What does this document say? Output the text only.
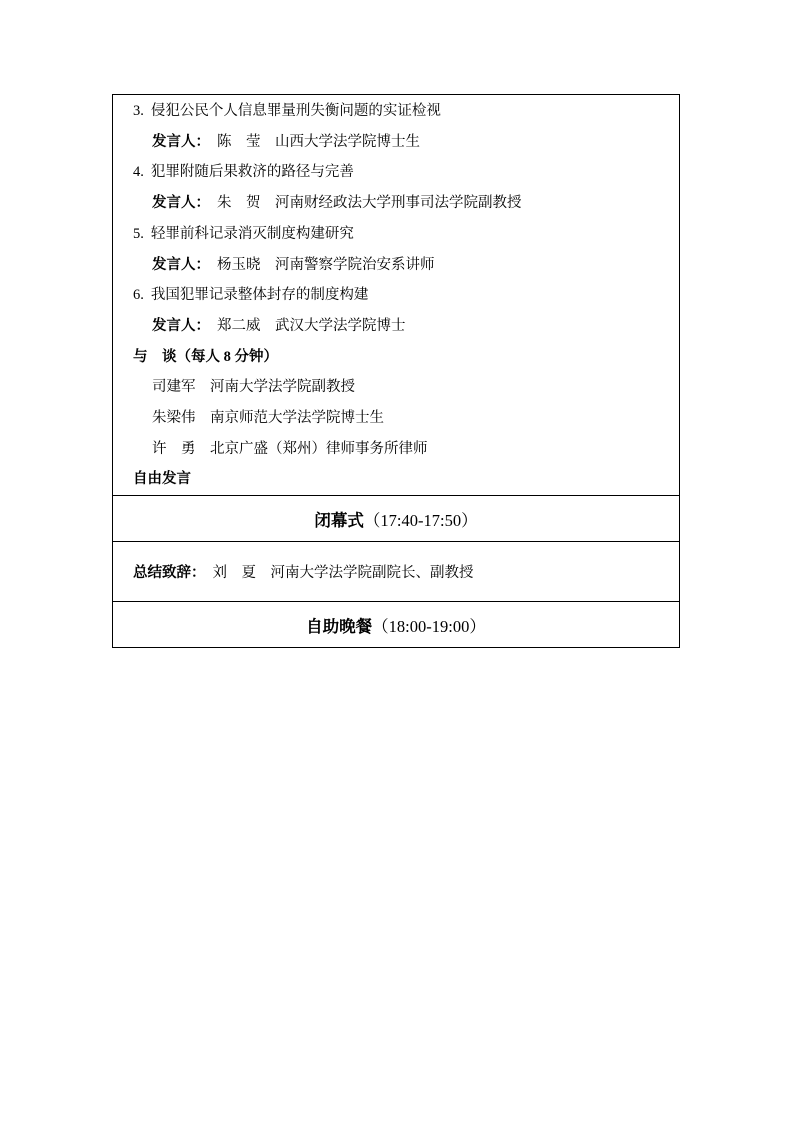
3. 侵犯公民个人信息罪量刑失衡问题的实证检视
发言人： 陈　莹　山西大学法学院博士生
4. 犯罪附随后果救济的路径与完善
发言人： 朱　贺　河南财经政法大学刑事司法学院副教授
5. 轻罪前科记录消灭制度构建研究
发言人： 杨玉晓　河南警察学院治安系讲师
6. 我国犯罪记录整体封存的制度构建
发言人： 郑二威　武汉大学法学院博士
与　谈（每人 8 分钟）
司建军　河南大学法学院副教授
朱梁伟　南京师范大学法学院博士生
许　勇　北京广盛（郑州）律师事务所律师
自由发言
闭幕式 （17:40-17:50）
总结致辞： 刘　夏　河南大学法学院副院长、副教授
自助晚餐 （18:00-19:00）
